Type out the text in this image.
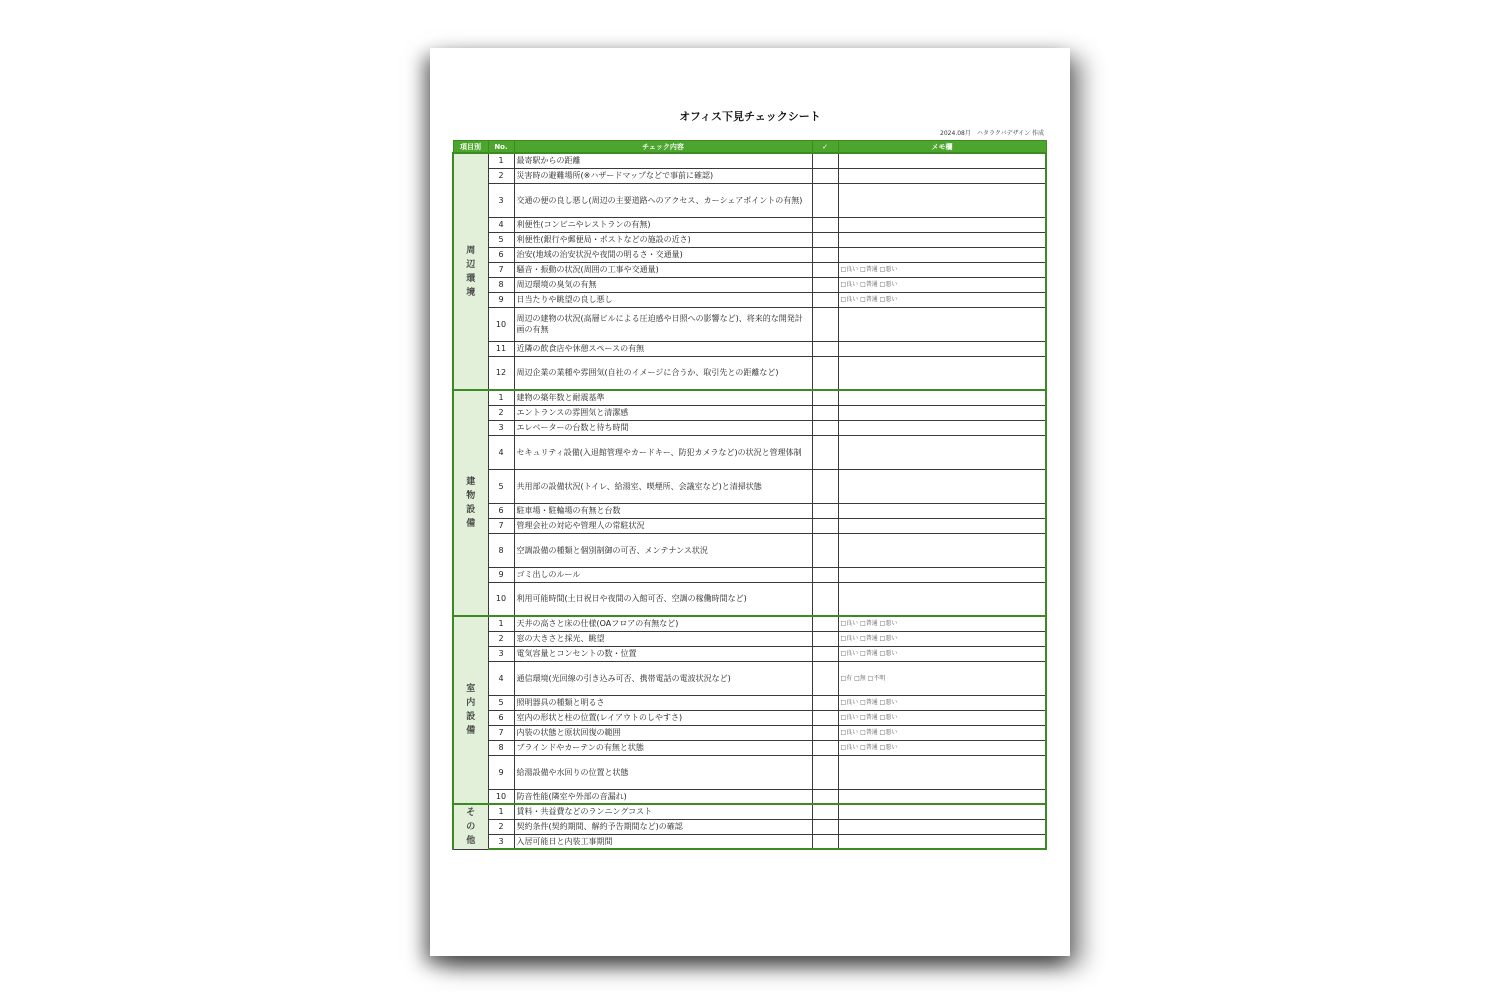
オフィス下見チェックシート
2024.08月　ハタラクバデザイン 作成
項目別	No.	チェック内容	✓	メモ欄
周辺環境	1	最寄駅からの距離		
	2	災害時の避難場所(※ハザードマップなどで事前に確認)		
	3	交通の便の良し悪し(周辺の主要道路へのアクセス、カーシェアポイントの有無)		
	4	利便性(コンビニやレストランの有無)		
	5	利便性(銀行や郵便局・ポストなどの施設の近さ)		
	6	治安(地域の治安状況や夜間の明るさ・交通量)		
	7	騒音・振動の状況(周囲の工事や交通量)		□良い □普通 □悪い
	8	周辺環境の臭気の有無		□良い □普通 □悪い
	9	日当たりや眺望の良し悪し		□良い □普通 □悪い
	10	周辺の建物の状況(高層ビルによる圧迫感や日照への影響など)、将来的な開発計画の有無		
	11	近隣の飲食店や休憩スペースの有無		
	12	周辺企業の業種や雰囲気(自社のイメージに合うか、取引先との距離など)		
建物設備	1	建物の築年数と耐震基準		
	2	エントランスの雰囲気と清潔感		
	3	エレベーターの台数と待ち時間		
	4	セキュリティ設備(入退館管理やカードキー、防犯カメラなど)の状況と管理体制		
	5	共用部の設備状況(トイレ、給湯室、喫煙所、会議室など)と清掃状態		
	6	駐車場・駐輪場の有無と台数		
	7	管理会社の対応や管理人の常駐状況		
	8	空調設備の種類と個別制御の可否、メンテナンス状況		
	9	ゴミ出しのルール		
	10	利用可能時間(土日祝日や夜間の入館可否、空調の稼働時間など)		
室内設備	1	天井の高さと床の仕様(OAフロアの有無など)		□良い □普通 □悪い
	2	窓の大きさと採光、眺望		□良い □普通 □悪い
	3	電気容量とコンセントの数・位置		□良い □普通 □悪い
	4	通信環境(光回線の引き込み可否、携帯電話の電波状況など)		□有 □無 □不明
	5	照明器具の種類と明るさ		□良い □普通 □悪い
	6	室内の形状と柱の位置(レイアウトのしやすさ)		□良い □普通 □悪い
	7	内装の状態と原状回復の範囲		□良い □普通 □悪い
	8	ブラインドやカーテンの有無と状態		□良い □普通 □悪い
	9	給湯設備や水回りの位置と状態		
	10	防音性能(隣室や外部の音漏れ)		
その他	1	賃料・共益費などのランニングコスト		
	2	契約条件(契約期間、解約予告期間など)の確認		
	3	入居可能日と内装工事期間		
